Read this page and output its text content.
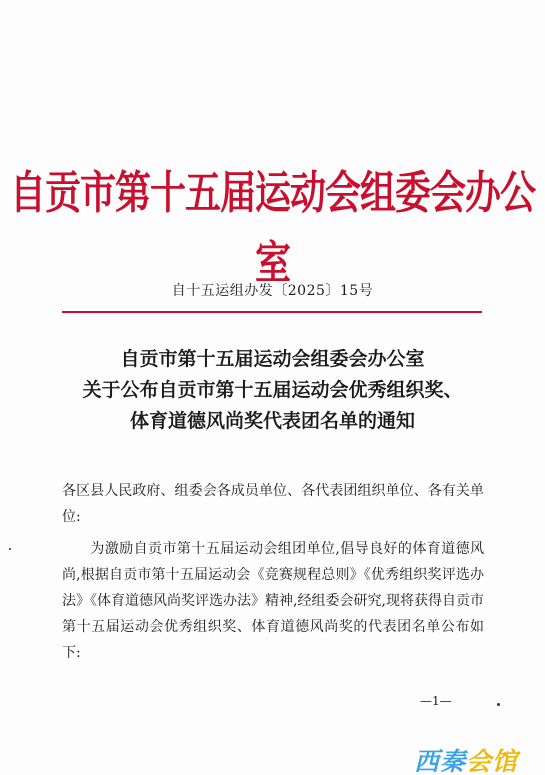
自贡市第十五届运动会组委会办公室
自十五运组办发〔2025〕15号
自贡市第十五届运动会组委会办公室
关于公布自贡市第十五届运动会优秀组织奖、
体育道德风尚奖代表团名单的通知
各区县人民政府、组委会各成员单位、各代表团组织单位、各有关单位:
为激励自贡市第十五届运动会组团单位,倡导良好的体育道德风尚,根据自贡市第十五届运动会《竞赛规程总则》《优秀组织奖评选办法》《体育道德风尚奖评选办法》精神,经组委会研究,现将获得自贡市第十五届运动会优秀组织奖、体育道德风尚奖的代表团名单公布如下:
—1—
西秦会馆
